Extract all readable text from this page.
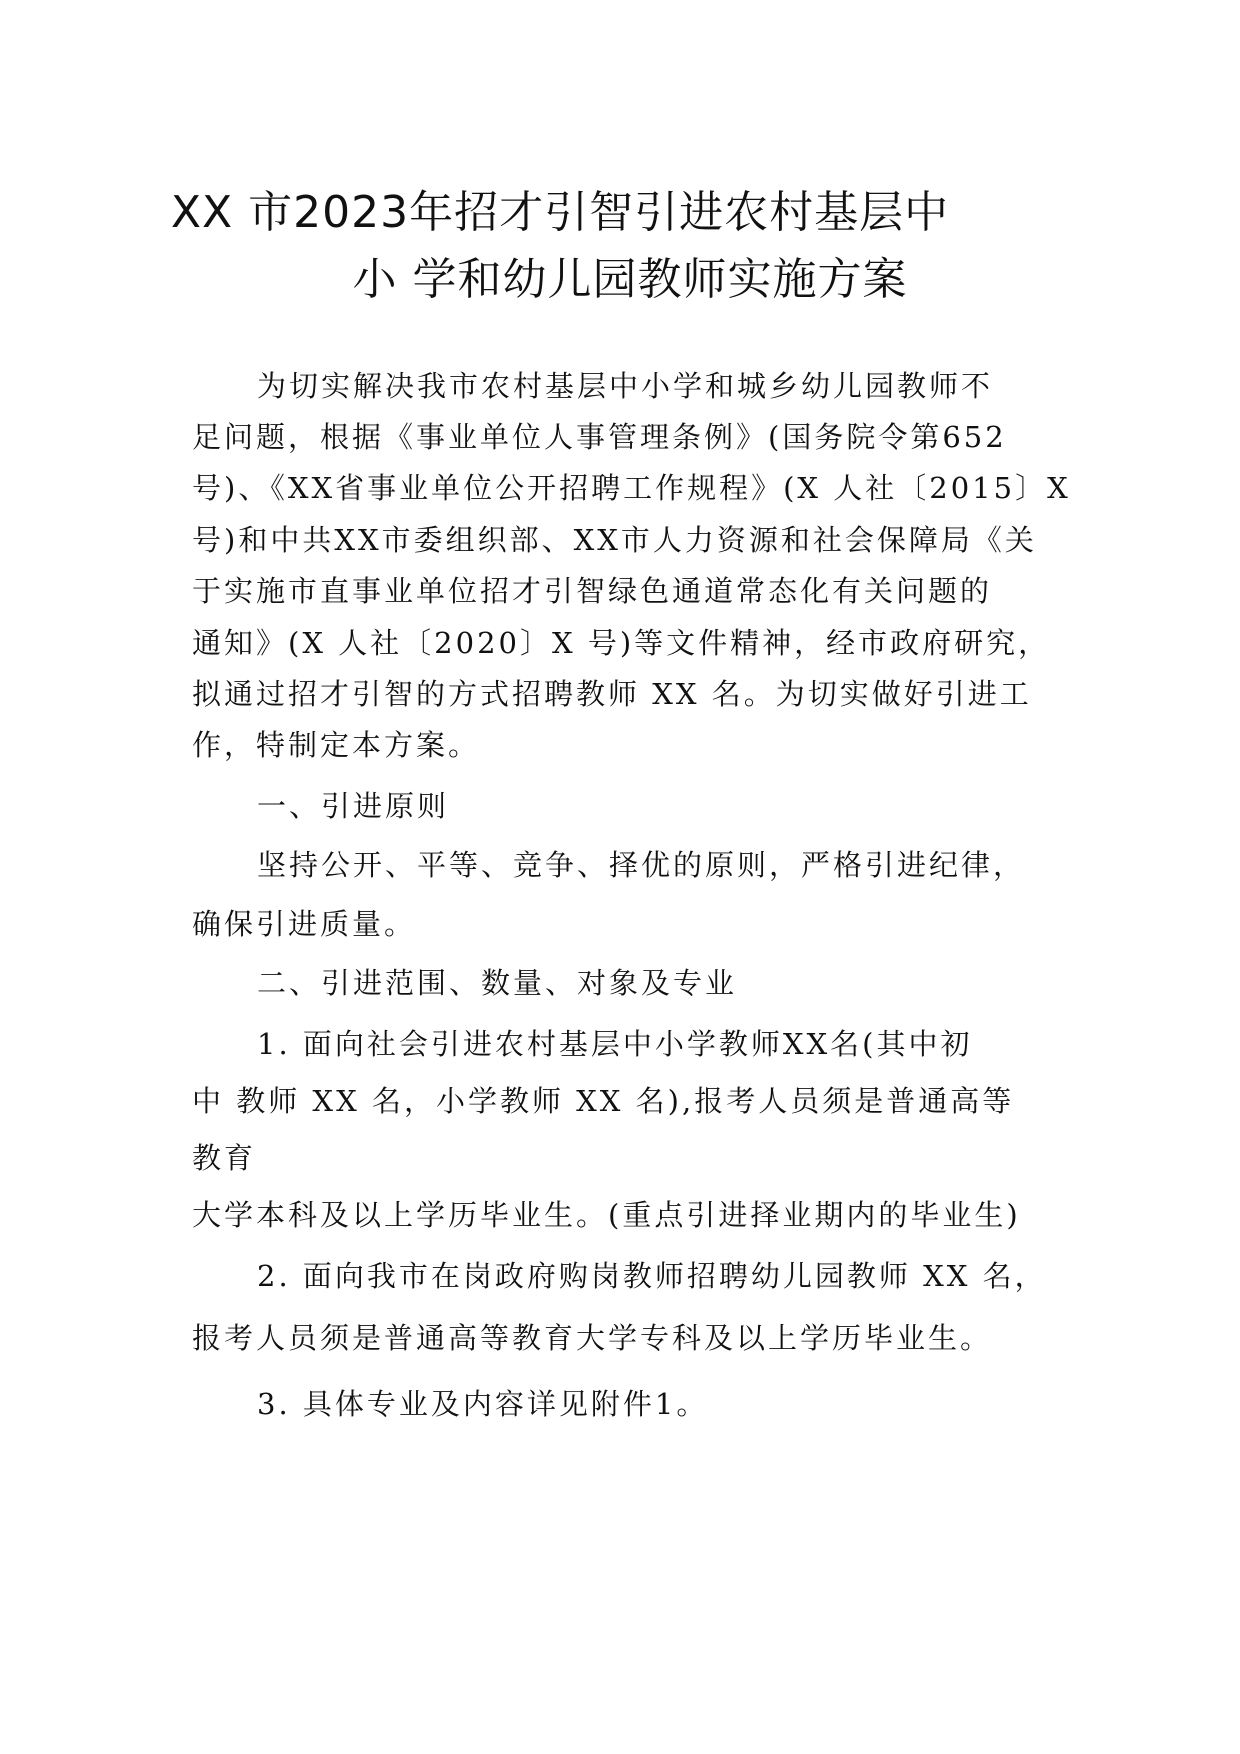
XX 市2023年招才引智引进农村基层中
小 学和幼儿园教师实施方案
为切实解决我市农村基层中小学和城乡幼儿园教师不
足问题，根据《事业单位人事管理条例》(国务院令第652
号)、《XX省事业单位公开招聘工作规程》(X 人社〔2015〕X
号)和中共XX市委组织部、XX市人力资源和社会保障局《关
于实施市直事业单位招才引智绿色通道常态化有关问题的
通知》(X 人社〔2020〕X 号)等文件精神，经市政府研究，
拟通过招才引智的方式招聘教师 XX 名。为切实做好引进工
作，特制定本方案。
一、引进原则
坚持公开、平等、竞争、择优的原则，严格引进纪律，
确保引进质量。
二、引进范围、数量、对象及专业
1. 面向社会引进农村基层中小学教师XX名(其中初
中 教师 XX 名，小学教师 XX 名),报考人员须是普通高等
教育
大学本科及以上学历毕业生。(重点引进择业期内的毕业生)
2. 面向我市在岗政府购岗教师招聘幼儿园教师 XX 名，
报考人员须是普通高等教育大学专科及以上学历毕业生。
3. 具体专业及内容详见附件1。
